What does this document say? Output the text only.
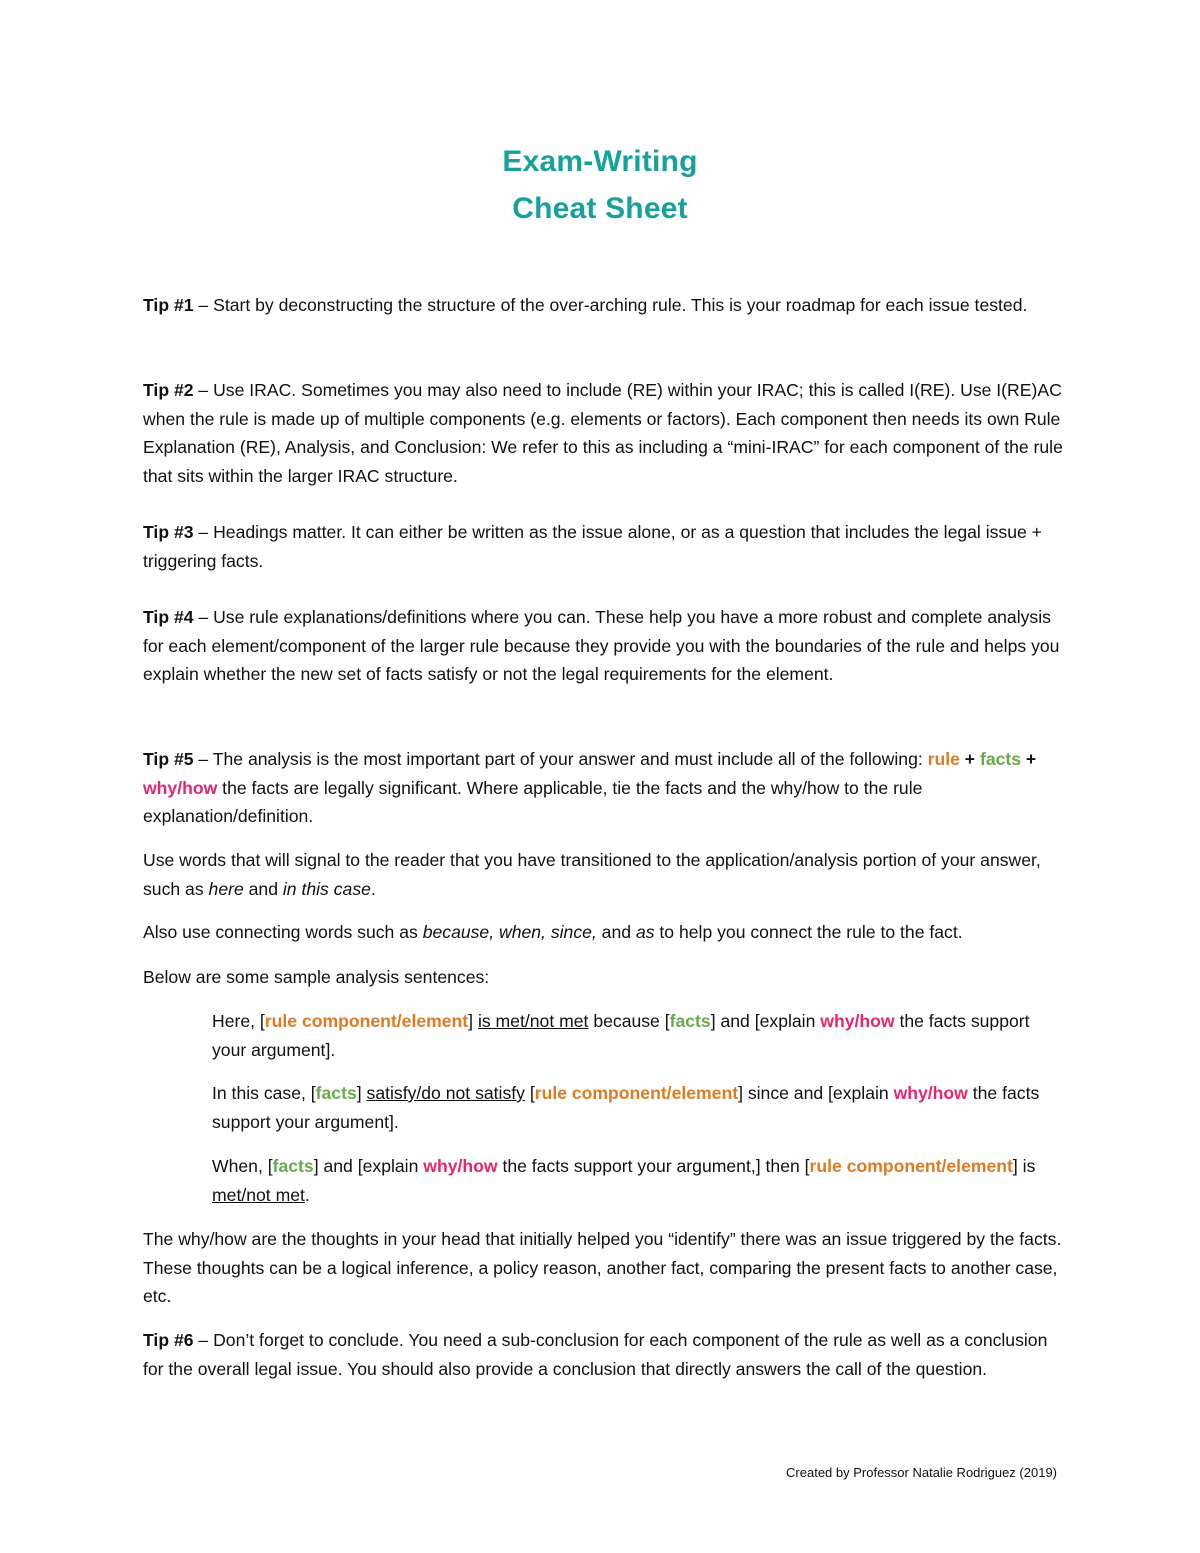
Exam-Writing
Cheat Sheet

Tip #1 – Start by deconstructing the structure of the over-arching rule. This is your roadmap for each issue tested.

Tip #2 – Use IRAC. Sometimes you may also need to include (RE) within your IRAC; this is called I(RE). Use I(RE)AC when the rule is made up of multiple components (e.g. elements or factors). Each component then needs its own Rule Explanation (RE), Analysis, and Conclusion: We refer to this as including a “mini-IRAC” for each component of the rule that sits within the larger IRAC structure.

Tip #3 – Headings matter. It can either be written as the issue alone, or as a question that includes the legal issue + triggering facts.

Tip #4 – Use rule explanations/definitions where you can. These help you have a more robust and complete analysis for each element/component of the larger rule because they provide you with the boundaries of the rule and helps you explain whether the new set of facts satisfy or not the legal requirements for the element.

Tip #5 – The analysis is the most important part of your answer and must include all of the following: rule + facts + why/how the facts are legally significant. Where applicable, tie the facts and the why/how to the rule explanation/definition.

Use words that will signal to the reader that you have transitioned to the application/analysis portion of your answer, such as here and in this case.

Also use connecting words such as because, when, since, and as to help you connect the rule to the fact.

Below are some sample analysis sentences:

Here, [rule component/element] is met/not met because [facts] and [explain why/how the facts support your argument].

In this case, [facts] satisfy/do not satisfy [rule component/element] since and [explain why/how the facts support your argument].

When, [facts] and [explain why/how the facts support your argument,] then [rule component/element] is met/not met.

The why/how are the thoughts in your head that initially helped you “identify” there was an issue triggered by the facts. These thoughts can be a logical inference, a policy reason, another fact, comparing the present facts to another case, etc.

Tip #6 – Don’t forget to conclude. You need a sub-conclusion for each component of the rule as well as a conclusion for the overall legal issue. You should also provide a conclusion that directly answers the call of the question.

Created by Professor Natalie Rodriguez (2019)
